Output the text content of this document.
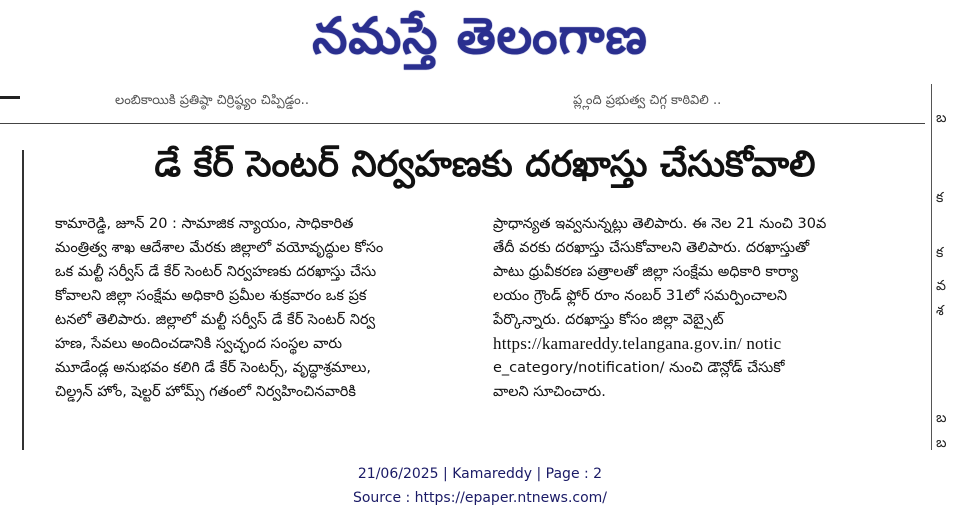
నమస్తే తెలంగాణ
లంబికాయికి ప్రతిష్ఠా చిర్రిష్ఠ్యం చిప్పిడ్డం..	ప్ల్లంది ప్రభుత్వ చిగ్గ కాఠివిలి ..
డే కేర్ సెంటర్ నిర్వహణకు దరఖాస్తు చేసుకోవాలి
కామారెడ్డి, జూన్ 20 : సామాజిక న్యాయం, సాధికారిత
మంత్రిత్వ శాఖ ఆదేశాల మేరకు జిల్లాలో వయోవృద్ధుల కోసం
ఒక మల్టీ సర్వీస్ డే కేర్ సెంటర్ నిర్వహణకు దరఖాస్తు చేసు
కోవాలని జిల్లా సంక్షేమ అధికారి ప్రమీల శుక్రవారం ఒక ప్రక
టనలో తెలిపారు. జిల్లాలో మల్టీ సర్వీస్ డే కేర్ సెంటర్ నిర్వ
హణ, సేవలు అందించడానికి స్వచ్ఛంద సంస్థల వారు
మూడేండ్ల అనుభవం కలిగి డే కేర్ సెంటర్స్, వృద్ధాశ్రమాలు,
చిల్డ్రన్ హోం, షెల్టర్ హోమ్స్ గతంలో నిర్వహించినవారికి
ప్రాధాన్యత ఇవ్వనున్నట్లు తెలిపారు. ఈ నెల 21 నుంచి 30వ
తేదీ వరకు దరఖాస్తు చేసుకోవాలని తెలిపారు. దరఖాస్తుతో
పాటు ధ్రువీకరణ పత్రాలతో జిల్లా సంక్షేమ అధికారి కార్యా
లయం గ్రౌండ్ ఫ్లోర్ రూం నంబర్ 31లో సమర్పించాలని
పేర్కొన్నారు. దరఖాస్తు కోసం జిల్లా వెబ్సైట్
https://kamareddy.telangana.gov.in/ notic
e_category/notification/ నుంచి డౌన్లోడ్ చేసుకో
వాలని సూచించారు.
బ
క
క
వ
శ
బ
బ
21/06/2025 | Kamareddy | Page : 2
Source : https://epaper.ntnews.com/
